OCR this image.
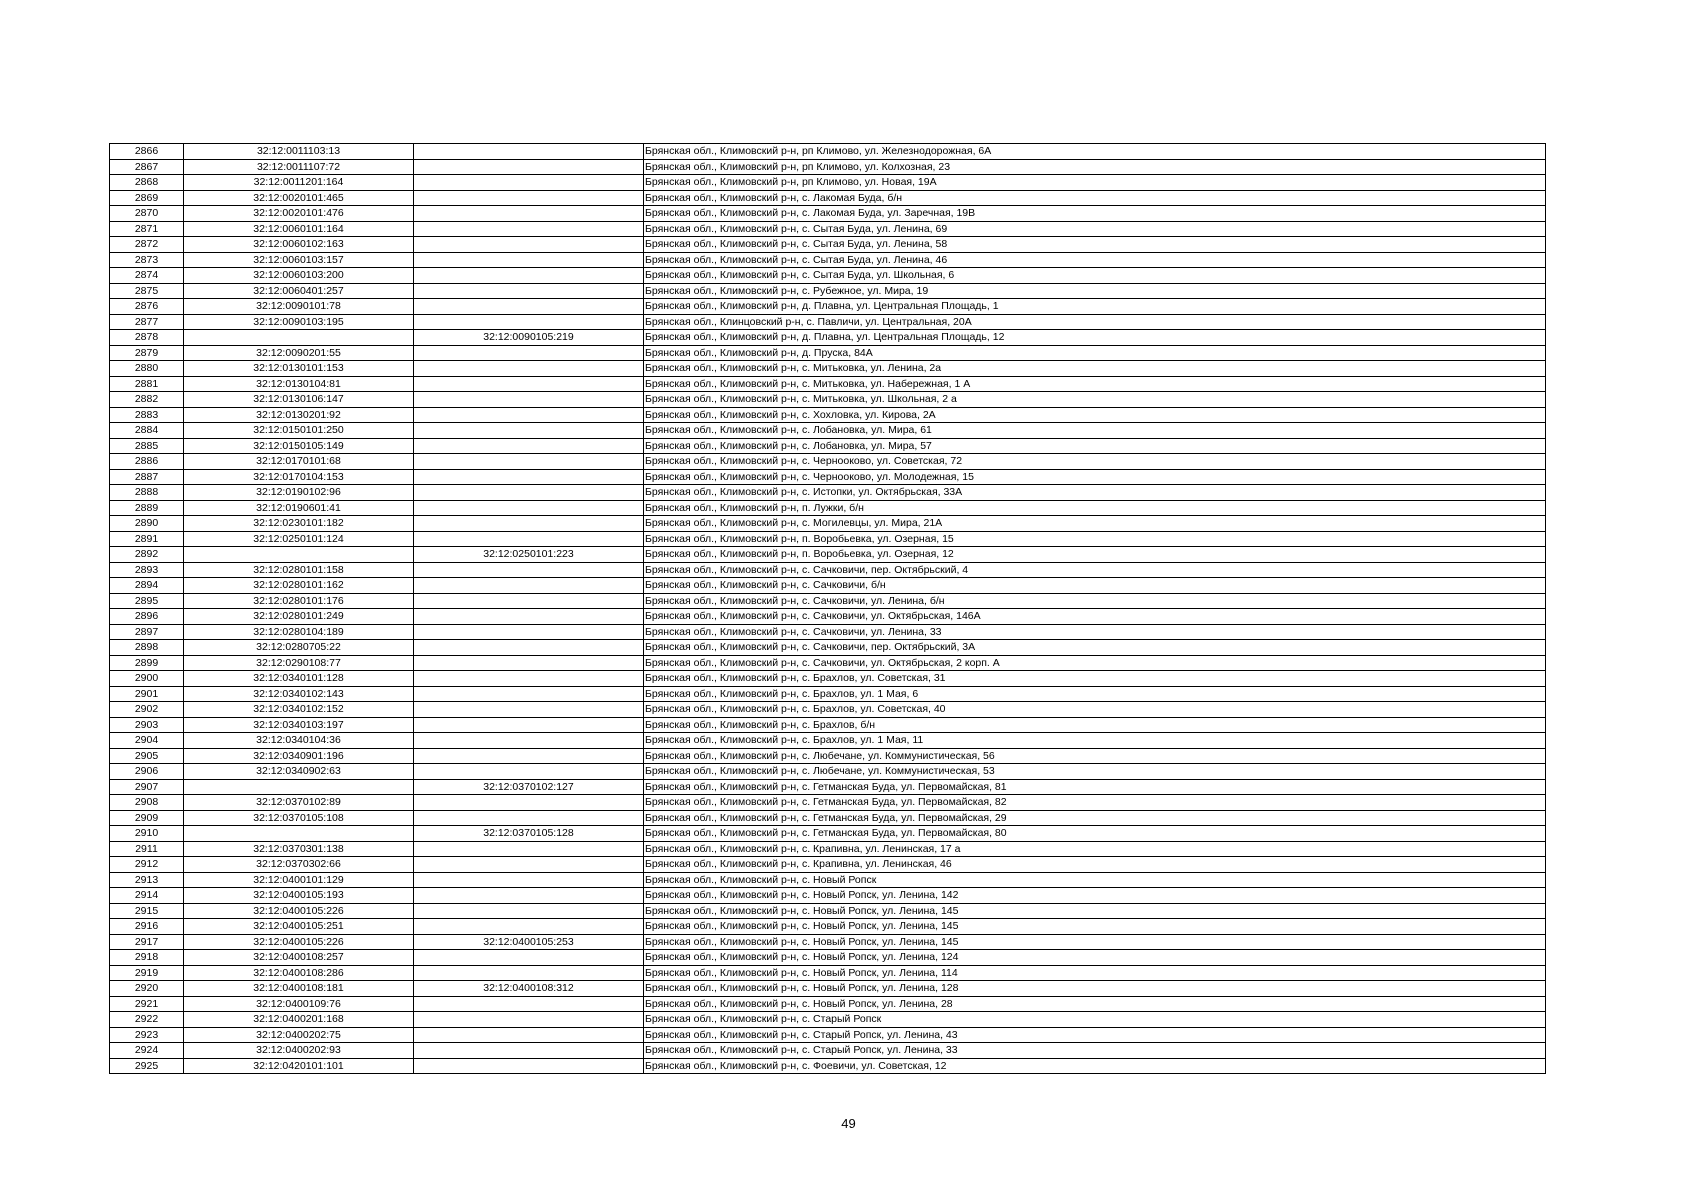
2866	32:12:0011103:13		Брянская обл., Климовский р-н, рп Климово, ул. Железнодорожная, 6А
2867	32:12:0011107:72		Брянская обл., Климовский р-н, рп Климово, ул. Колхозная, 23
2868	32:12:0011201:164		Брянская обл., Климовский р-н, рп Климово, ул. Новая, 19А
2869	32:12:0020101:465		Брянская обл., Климовский р-н, с. Лакомая Буда, б/н
2870	32:12:0020101:476		Брянская обл., Климовский р-н, с. Лакомая Буда, ул. Заречная, 19В
2871	32:12:0060101:164		Брянская обл., Климовский р-н, с. Сытая Буда, ул. Ленина, 69
2872	32:12:0060102:163		Брянская обл., Климовский р-н, с. Сытая Буда, ул. Ленина, 58
2873	32:12:0060103:157		Брянская обл., Климовский р-н, с. Сытая Буда, ул. Ленина, 46
2874	32:12:0060103:200		Брянская обл., Климовский р-н, с. Сытая Буда, ул. Школьная, 6
2875	32:12:0060401:257		Брянская обл., Климовский р-н, с. Рубежное, ул. Мира, 19
2876	32:12:0090101:78		Брянская обл., Климовский р-н, д. Плавна, ул. Центральная Площадь, 1
2877	32:12:0090103:195		Брянская обл., Клинцовский р-н, с. Павличи, ул. Центральная, 20А
2878		32:12:0090105:219	Брянская обл., Климовский р-н, д. Плавна, ул. Центральная Площадь, 12
2879	32:12:0090201:55		Брянская обл., Климовский р-н, д. Пруска, 84А
2880	32:12:0130101:153		Брянская обл., Климовский р-н, с. Митьковка, ул. Ленина, 2а
2881	32:12:0130104:81		Брянская обл., Климовский р-н, с. Митьковка, ул. Набережная, 1 А
2882	32:12:0130106:147		Брянская обл., Климовский р-н, с. Митьковка, ул. Школьная, 2 а
2883	32:12:0130201:92		Брянская обл., Климовский р-н, с. Хохловка, ул. Кирова, 2А
2884	32:12:0150101:250		Брянская обл., Климовский р-н, с. Лобановка, ул. Мира, 61
2885	32:12:0150105:149		Брянская обл., Климовский р-н, с. Лобановка, ул. Мира, 57
2886	32:12:0170101:68		Брянская обл., Климовский р-н, с. Чернооково, ул. Советская, 72
2887	32:12:0170104:153		Брянская обл., Климовский р-н, с. Чернооково, ул. Молодежная, 15
2888	32:12:0190102:96		Брянская обл., Климовский р-н, с. Истопки, ул. Октябрьская, 33А
2889	32:12:0190601:41		Брянская обл., Климовский р-н, п. Лужки, б/н
2890	32:12:0230101:182		Брянская обл., Климовский р-н, с. Могилевцы, ул. Мира, 21А
2891	32:12:0250101:124		Брянская обл., Климовский р-н, п. Воробьевка, ул. Озерная, 15
2892		32:12:0250101:223	Брянская обл., Климовский р-н, п. Воробьевка, ул. Озерная, 12
2893	32:12:0280101:158		Брянская обл., Климовский р-н, с. Сачковичи, пер. Октябрьский, 4
2894	32:12:0280101:162		Брянская обл., Климовский р-н, с. Сачковичи, б/н
2895	32:12:0280101:176		Брянская обл., Климовский р-н, с. Сачковичи, ул. Ленина, б/н
2896	32:12:0280101:249		Брянская обл., Климовский р-н, с. Сачковичи, ул. Октябрьская, 146А
2897	32:12:0280104:189		Брянская обл., Климовский р-н, с. Сачковичи, ул. Ленина, 33
2898	32:12:0280705:22		Брянская обл., Климовский р-н, с. Сачковичи, пер. Октябрьский, 3А
2899	32:12:0290108:77		Брянская обл., Климовский р-н, с. Сачковичи, ул. Октябрьская, 2 корп. А
2900	32:12:0340101:128		Брянская обл., Климовский р-н, с. Брахлов, ул. Советская, 31
2901	32:12:0340102:143		Брянская обл., Климовский р-н, с. Брахлов, ул. 1 Мая, 6
2902	32:12:0340102:152		Брянская обл., Климовский р-н, с. Брахлов, ул. Советская, 40
2903	32:12:0340103:197		Брянская обл., Климовский р-н, с. Брахлов, б/н
2904	32:12:0340104:36		Брянская обл., Климовский р-н, с. Брахлов, ул. 1 Мая, 11
2905	32:12:0340901:196		Брянская обл., Климовский р-н, с. Любечане, ул. Коммунистическая, 56
2906	32:12:0340902:63		Брянская обл., Климовский р-н, с. Любечане, ул. Коммунистическая, 53
2907		32:12:0370102:127	Брянская обл., Климовский р-н, с. Гетманская Буда, ул. Первомайская, 81
2908	32:12:0370102:89		Брянская обл., Климовский р-н, с. Гетманская Буда, ул. Первомайская, 82
2909	32:12:0370105:108		Брянская обл., Климовский р-н, с. Гетманская Буда, ул. Первомайская, 29
2910		32:12:0370105:128	Брянская обл., Климовский р-н, с. Гетманская Буда, ул. Первомайская, 80
2911	32:12:0370301:138		Брянская обл., Климовский р-н, с. Крапивна, ул. Ленинская, 17 а
2912	32:12:0370302:66		Брянская обл., Климовский р-н, с. Крапивна, ул. Ленинская, 46
2913	32:12:0400101:129		Брянская обл., Климовский р-н, с. Новый Ропск
2914	32:12:0400105:193		Брянская обл., Климовский р-н, с. Новый Ропск, ул. Ленина, 142
2915	32:12:0400105:226		Брянская обл., Климовский р-н, с. Новый Ропск, ул. Ленина, 145
2916	32:12:0400105:251		Брянская обл., Климовский р-н, с. Новый Ропск, ул. Ленина, 145
2917	32:12:0400105:226	32:12:0400105:253	Брянская обл., Климовский р-н, с. Новый Ропск, ул. Ленина, 145
2918	32:12:0400108:257		Брянская обл., Климовский р-н, с. Новый Ропск, ул. Ленина, 124
2919	32:12:0400108:286		Брянская обл., Климовский р-н, с. Новый Ропск, ул. Ленина, 114
2920	32:12:0400108:181	32:12:0400108:312	Брянская обл., Климовский р-н, с. Новый Ропск, ул. Ленина, 128
2921	32:12:0400109:76		Брянская обл., Климовский р-н, с. Новый Ропск, ул. Ленина, 28
2922	32:12:0400201:168		Брянская обл., Климовский р-н, с. Старый Ропск
2923	32:12:0400202:75		Брянская обл., Климовский р-н, с. Старый Ропск, ул. Ленина, 43
2924	32:12:0400202:93		Брянская обл., Климовский р-н, с. Старый Ропск, ул. Ленина, 33
2925	32:12:0420101:101		Брянская обл., Климовский р-н, с. Фоевичи, ул. Советская, 12
49
